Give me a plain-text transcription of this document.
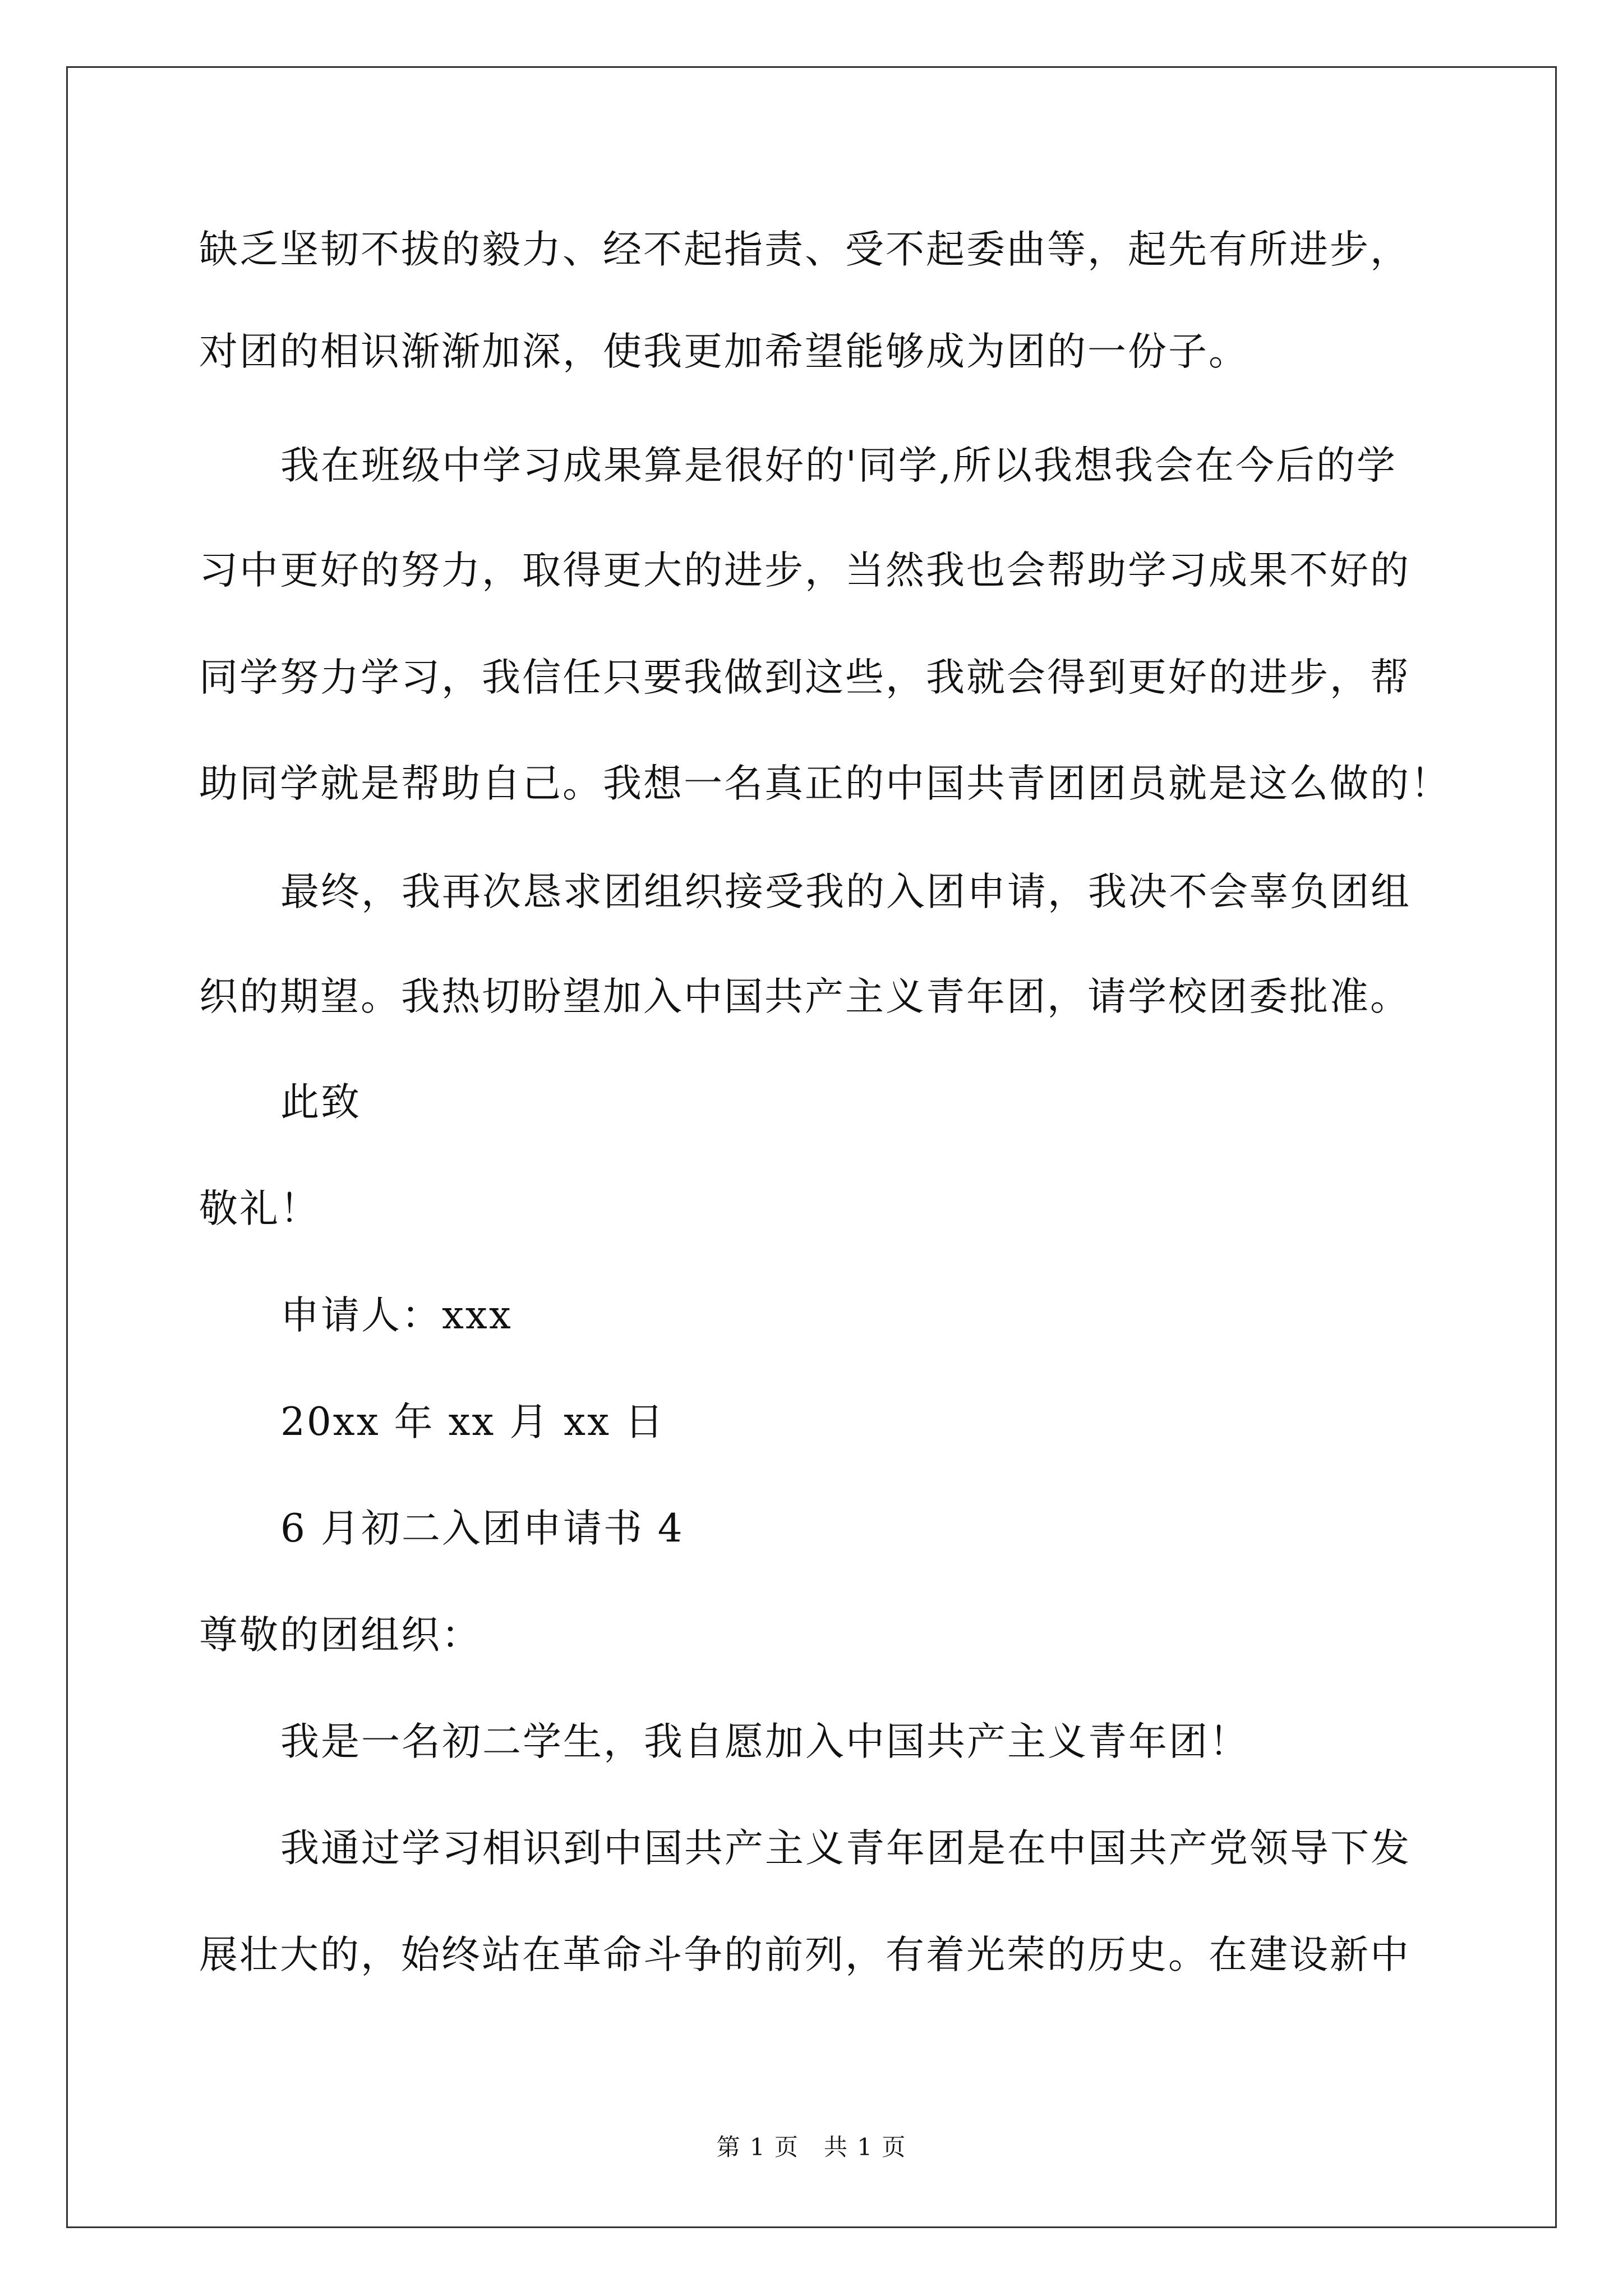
缺乏坚韧不拔的毅力、经不起指责、受不起委曲等，起先有所进步，
对团的相识渐渐加深，使我更加希望能够成为团的一份子。
我在班级中学习成果算是很好的'同学,所以我想我会在今后的学
习中更好的努力，取得更大的进步，当然我也会帮助学习成果不好的
同学努力学习，我信任只要我做到这些，我就会得到更好的进步，帮
助同学就是帮助自己。我想一名真正的中国共青团团员就是这么做的！
最终，我再次恳求团组织接受我的入团申请，我决不会辜负团组
织的期望。我热切盼望加入中国共产主义青年团，请学校团委批准。
此致
敬礼！
申请人：xxx
20xx 年 xx 月 xx 日
6 月初二入团申请书 4
尊敬的团组织：
我是一名初二学生，我自愿加入中国共产主义青年团！
我通过学习相识到中国共产主义青年团是在中国共产党领导下发
展壮大的，始终站在革命斗争的前列，有着光荣的历史。在建设新中
第 1 页　共 1 页
